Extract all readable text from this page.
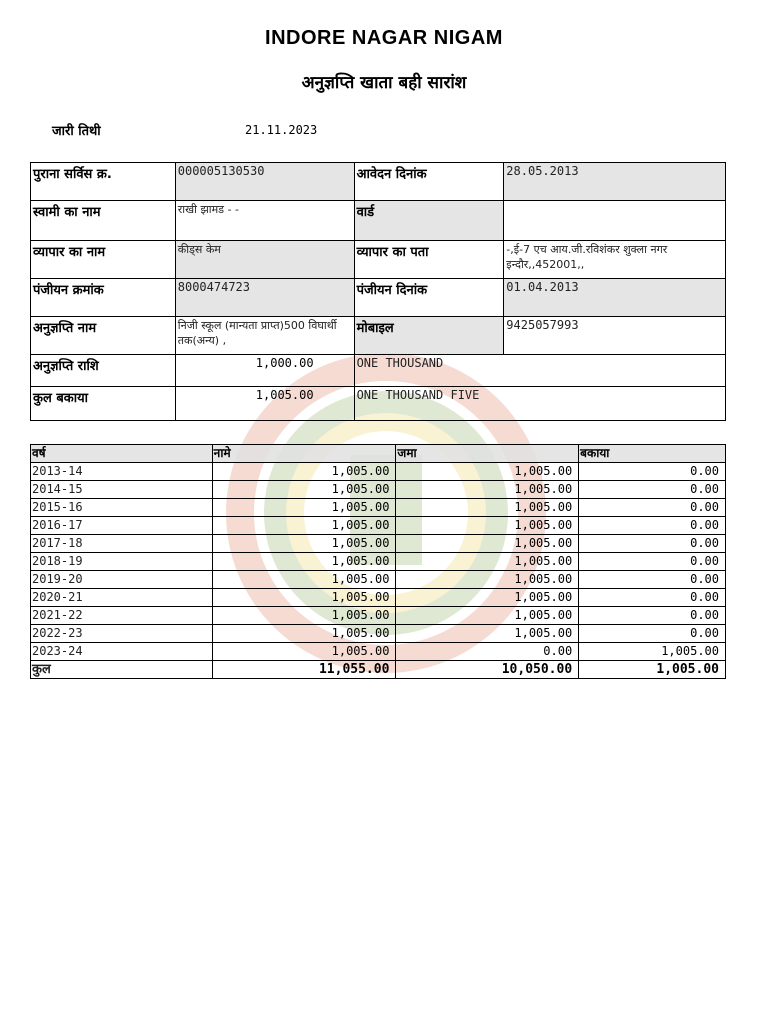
INDORE NAGAR NIGAM
अनुज्ञप्ति खाता बही सारांश
जारी तिथी	21.11.2023
पुराना सर्विस क्र.	000005130530	आवेदन दिनांक	28.05.2013
स्वामी का नाम	राखी झामड - -	वार्ड	
व्यापार का नाम	कीड्स केम	व्यापार का पता	-,ई-7 एच आय.जी.रविशंकर शुक्ला नगर इन्दौर,,452001,,
पंजीयन क्रमांक	8000474723	पंजीयन दिनांक	01.04.2013
अनुज्ञप्ति नाम	निजी स्कूल (मान्यता प्राप्त)500 विघार्थी तक(अन्य) ,	मोबाइल	9425057993
अनुज्ञप्ति राशि	1,000.00	ONE THOUSAND	
कुल बकाया	1,005.00	ONE THOUSAND FIVE	
वर्ष	नामे	जमा	बकाया
2013-14	1,005.00	1,005.00	0.00
2014-15	1,005.00	1,005.00	0.00
2015-16	1,005.00	1,005.00	0.00
2016-17	1,005.00	1,005.00	0.00
2017-18	1,005.00	1,005.00	0.00
2018-19	1,005.00	1,005.00	0.00
2019-20	1,005.00	1,005.00	0.00
2020-21	1,005.00	1,005.00	0.00
2021-22	1,005.00	1,005.00	0.00
2022-23	1,005.00	1,005.00	0.00
2023-24	1,005.00	0.00	1,005.00
कुल	11,055.00	10,050.00	1,005.00
